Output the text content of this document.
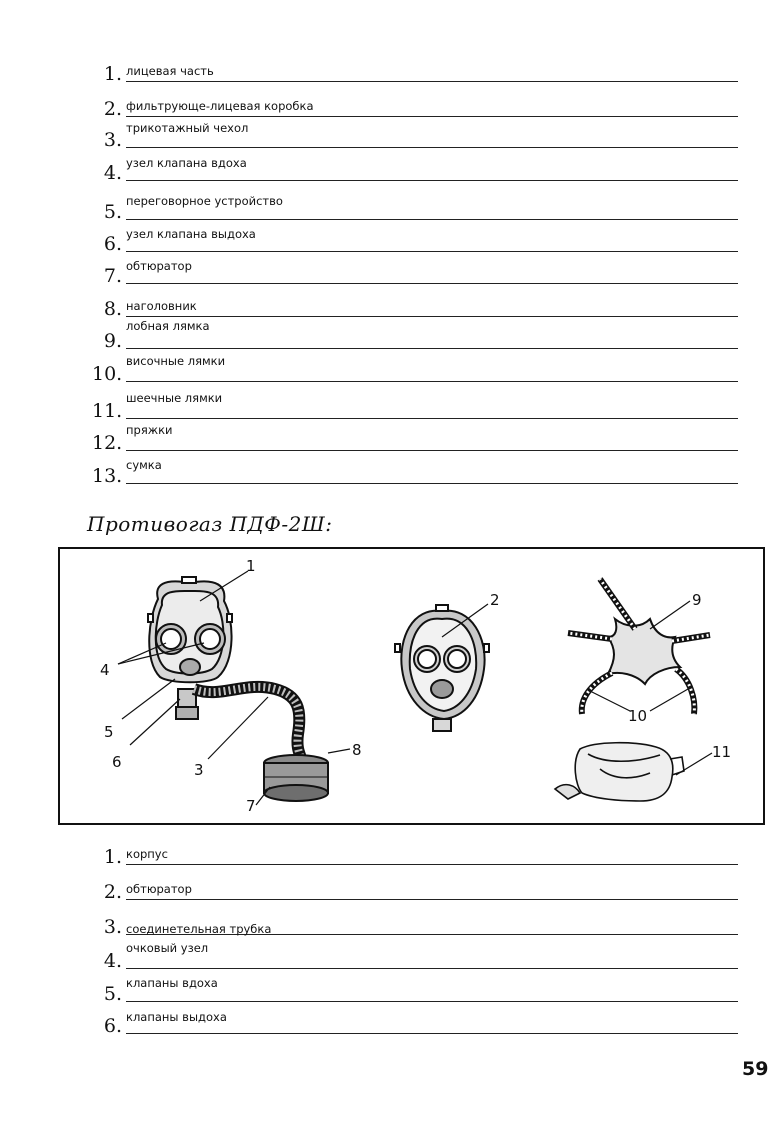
1. лицевая часть
2. фильтрующе-лицевая коробка
3.
трикотажный чехол
4. узел клапана вдоха
5. переговорное устройство
6. узел клапана выдоха
7. обтюратор
8. наголовник
9.
лобная лямка
10.
височные лямки
11.
шеечные лямки
12.
пряжки
13. сумка
Противогаз ПДФ-2Ш:
1
2
3
4
5
6
7
8
9
10
11
1. корпус
2. обтюратор
3. соединетельная трубка
4.
очковый узел
5. клапаны вдоха
6. клапаны выдоха
59
